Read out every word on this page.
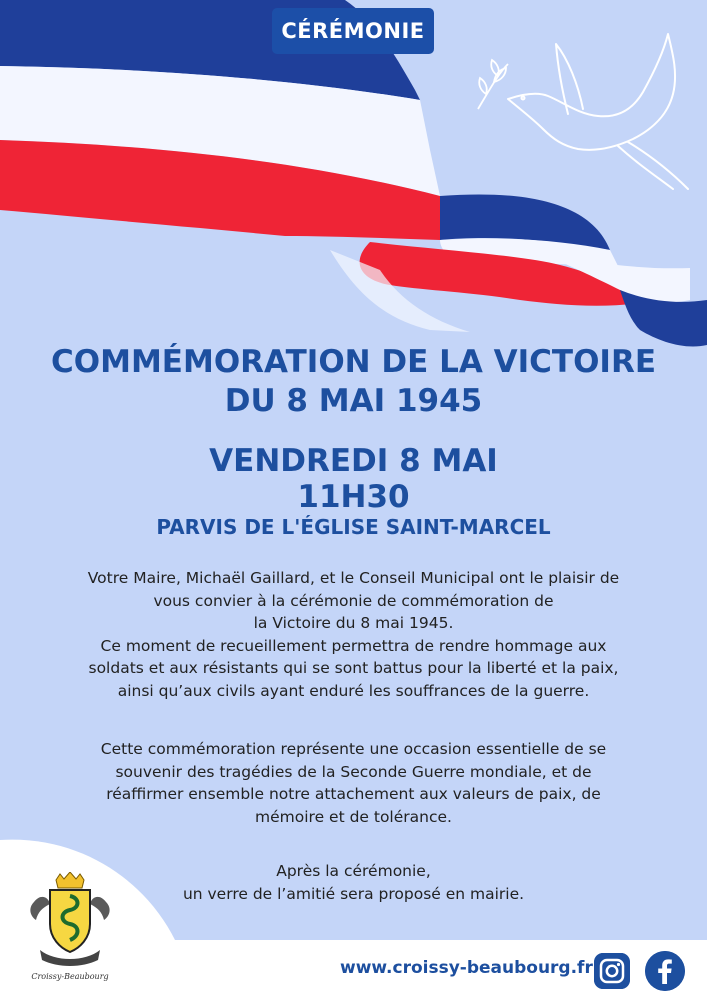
CÉRÉMONIE
COMMÉMORATION DE LA VICTOIRE
DU 8 MAI 1945
VENDREDI 8 MAI
11H30
PARVIS DE L'ÉGLISE SAINT-MARCEL
Votre Maire, Michaël Gaillard, et le Conseil Municipal ont le plaisir de
vous convier à la cérémonie de commémoration de
la Victoire du 8 mai 1945.
Ce moment de recueillement permettra de rendre hommage aux
soldats et aux résistants qui se sont battus pour la liberté et la paix,
ainsi qu’aux civils ayant enduré les souffrances de la guerre.
Cette commémoration représente une occasion essentielle de se
souvenir des tragédies de la Seconde Guerre mondiale, et de
réaffirmer ensemble notre attachement aux valeurs de paix, de
mémoire et de tolérance.
Après la cérémonie,
un verre de l’amitié sera proposé en mairie.
Croissy-Beaubourg	www.croissy-beaubourg.fr
